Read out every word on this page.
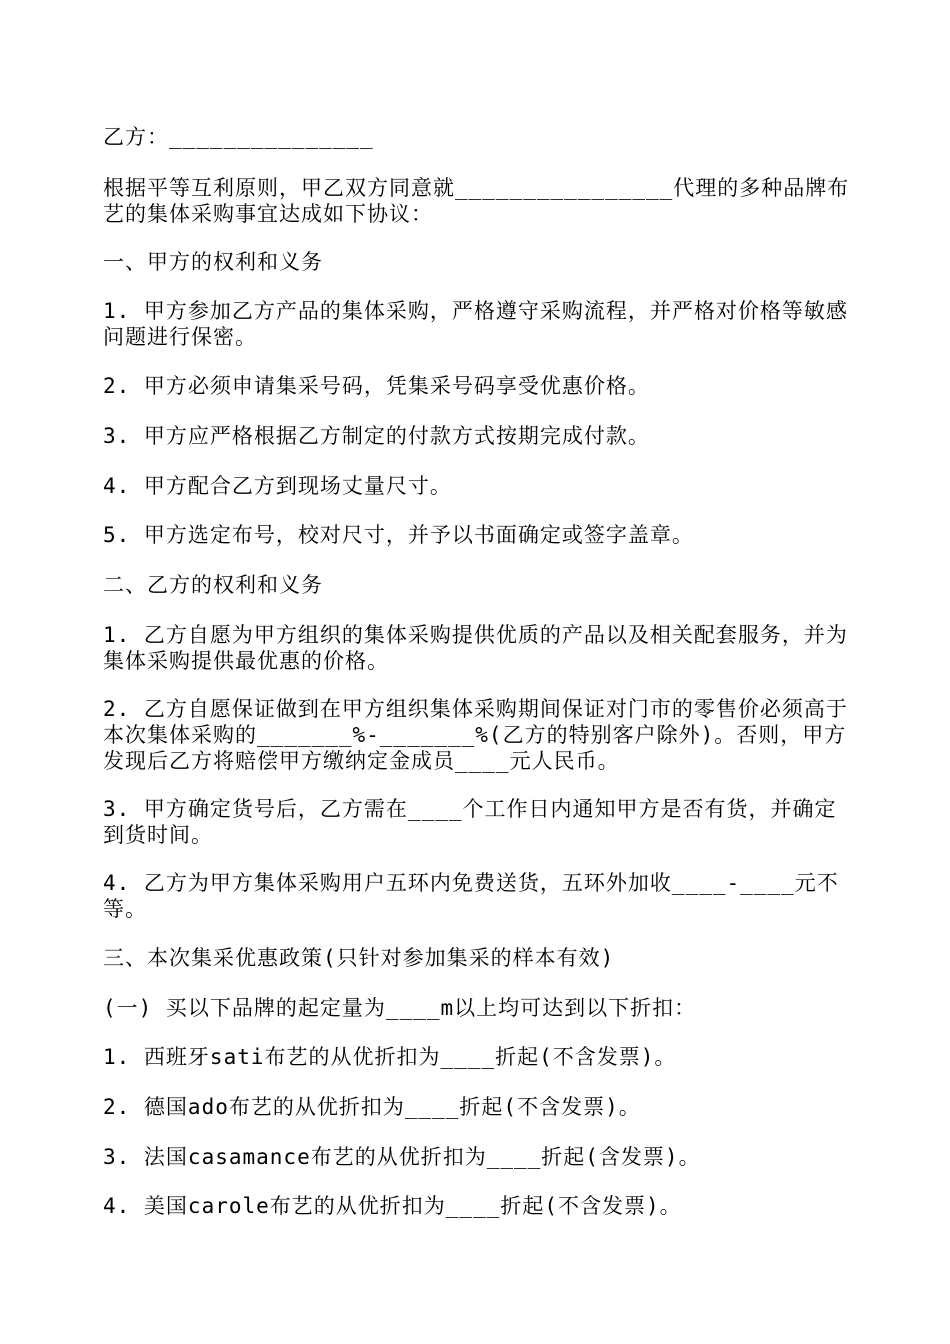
乙方：_______________

根据平等互利原则，甲乙双方同意就________________代理的多种品牌布艺的集体采购事宜达成如下协议：

一、甲方的权利和义务

1. 甲方参加乙方产品的集体采购，严格遵守采购流程，并严格对价格等敏感问题进行保密。

2. 甲方必须申请集采号码，凭集采号码享受优惠价格。

3. 甲方应严格根据乙方制定的付款方式按期完成付款。

4. 甲方配合乙方到现场丈量尺寸。

5. 甲方选定布号，校对尺寸，并予以书面确定或签字盖章。

二、乙方的权利和义务

1. 乙方自愿为甲方组织的集体采购提供优质的产品以及相关配套服务，并为集体采购提供最优惠的价格。

2. 乙方自愿保证做到在甲方组织集体采购期间保证对门市的零售价必须高于本次集体采购的_______%-_______%(乙方的特别客户除外)。否则，甲方发现后乙方将赔偿甲方缴纳定金成员____元人民币。

3. 甲方确定货号后，乙方需在____个工作日内通知甲方是否有货，并确定到货时间。

4. 乙方为甲方集体采购用户五环内免费送货，五环外加收____-____元不等。

三、本次集采优惠政策(只针对参加集采的样本有效)

(一) 买以下品牌的起定量为____m以上均可达到以下折扣：

1. 西班牙sati布艺的从优折扣为____折起(不含发票)。

2. 德国ado布艺的从优折扣为____折起(不含发票)。

3. 法国casamance布艺的从优折扣为____折起(含发票)。

4. 美国carole布艺的从优折扣为____折起(不含发票)。
